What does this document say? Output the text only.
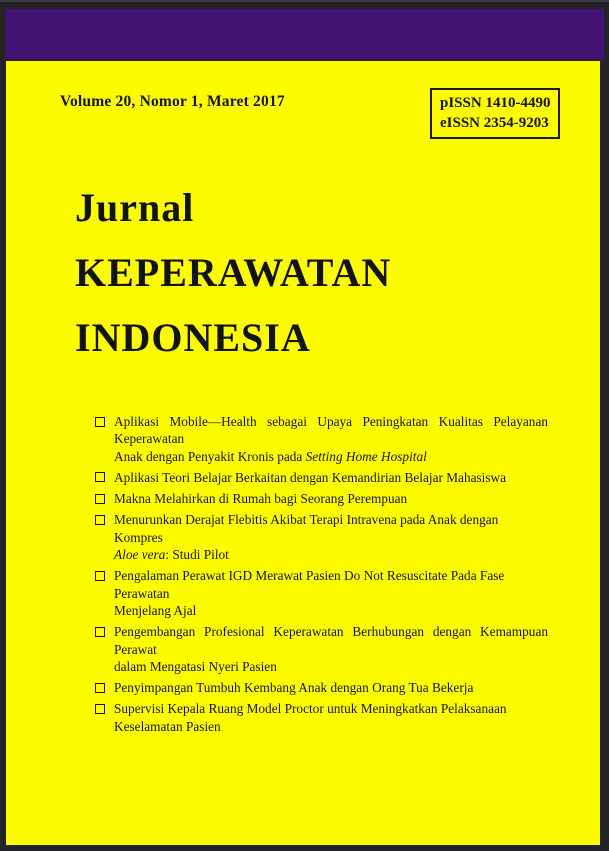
Volume 20, Nomor 1, Maret 2017	pISSN 1410-4490
eISSN 2354-9203
Jurnal
KEPERAWATAN
INDONESIA
Aplikasi Mobile—Health sebagai Upaya Peningkatan Kualitas Pelayanan Keperawatan
Anak dengan Penyakit Kronis pada Setting Home Hospital
Aplikasi Teori Belajar Berkaitan dengan Kemandirian Belajar Mahasiswa
Makna Melahirkan di Rumah bagi Seorang Perempuan
Menurunkan Derajat Flebitis Akibat Terapi Intravena pada Anak dengan Kompres
Aloe vera: Studi Pilot
Pengalaman Perawat IGD Merawat Pasien Do Not Resuscitate Pada Fase Perawatan
Menjelang Ajal
Pengembangan Profesional Keperawatan Berhubungan dengan Kemampuan Perawat
dalam Mengatasi Nyeri Pasien
Penyimpangan Tumbuh Kembang Anak dengan Orang Tua Bekerja
Supervisi Kepala Ruang Model Proctor untuk Meningkatkan Pelaksanaan
Keselamatan Pasien
